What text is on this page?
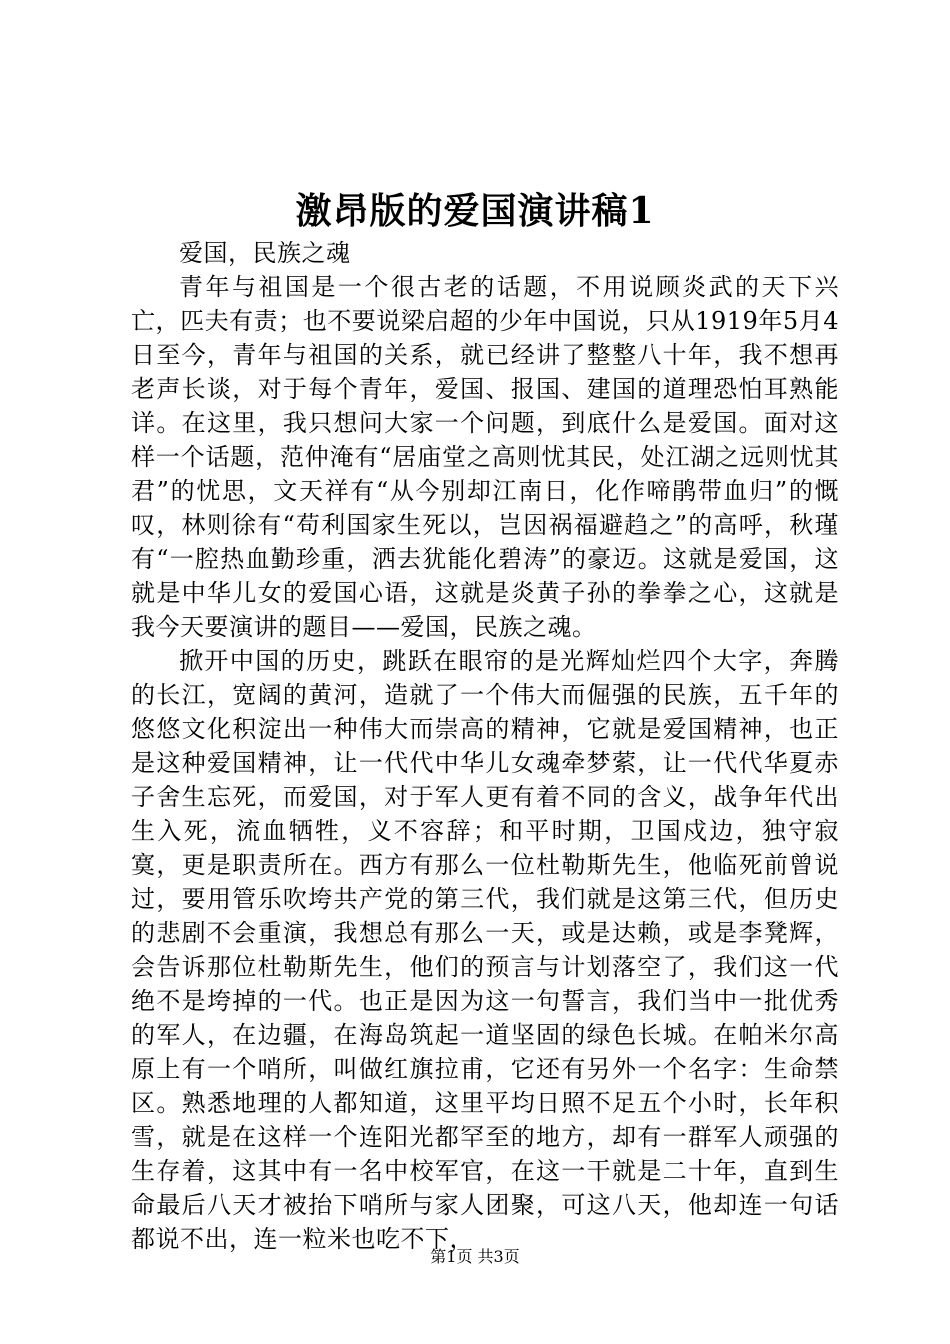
激昂版的爱国演讲稿1

爱国，民族之魂

青年与祖国是一个很古老的话题，不用说顾炎武的天下兴亡，匹夫有责；也不要说梁启超的少年中国说，只从1919年5月4日至今，青年与祖国的关系，就已经讲了整整八十年，我不想再老声长谈，对于每个青年，爱国、报国、建国的道理恐怕耳熟能详。在这里，我只想问大家一个问题，到底什么是爱国。面对这样一个话题，范仲淹有“居庙堂之高则忧其民，处江湖之远则忧其君”的忧思，文天祥有“从今别却江南日，化作啼鹃带血归”的慨叹，林则徐有“苟利国家生死以，岂因祸福避趋之”的高呼，秋瑾有“一腔热血勤珍重，洒去犹能化碧涛”的豪迈。这就是爱国，这就是中华儿女的爱国心语，这就是炎黄子孙的拳拳之心，这就是我今天要演讲的题目——爱国，民族之魂。

掀开中国的历史，跳跃在眼帘的是光辉灿烂四个大字，奔腾的长江，宽阔的黄河，造就了一个伟大而倔强的民族，五千年的悠悠文化积淀出一种伟大而崇高的精神，它就是爱国精神，也正是这种爱国精神，让一代代中华儿女魂牵梦萦，让一代代华夏赤子舍生忘死，而爱国，对于军人更有着不同的含义，战争年代出生入死，流血牺牲，义不容辞；和平时期，卫国戍边，独守寂寞，更是职责所在。西方有那么一位杜勒斯先生，他临死前曾说过，要用管乐吹垮共产党的第三代，我们就是这第三代，但历史的悲剧不会重演，我想总有那么一天，或是达赖，或是李凳辉，会告诉那位杜勒斯先生，他们的预言与计划落空了，我们这一代绝不是垮掉的一代。也正是因为这一句誓言，我们当中一批优秀的军人，在边疆，在海岛筑起一道坚固的绿色长城。在帕米尔高原上有一个哨所，叫做红旗拉甫，它还有另外一个名字：生命禁区。熟悉地理的人都知道，这里平均日照不足五个小时，长年积雪，就是在这样一个连阳光都罕至的地方，却有一群军人顽强的生存着，这其中有一名中校军官，在这一干就是二十年，直到生命最后八天才被抬下哨所与家人团聚，可这八天，他却连一句话都说不出，连一粒米也吃不下，

第1页 共3页
